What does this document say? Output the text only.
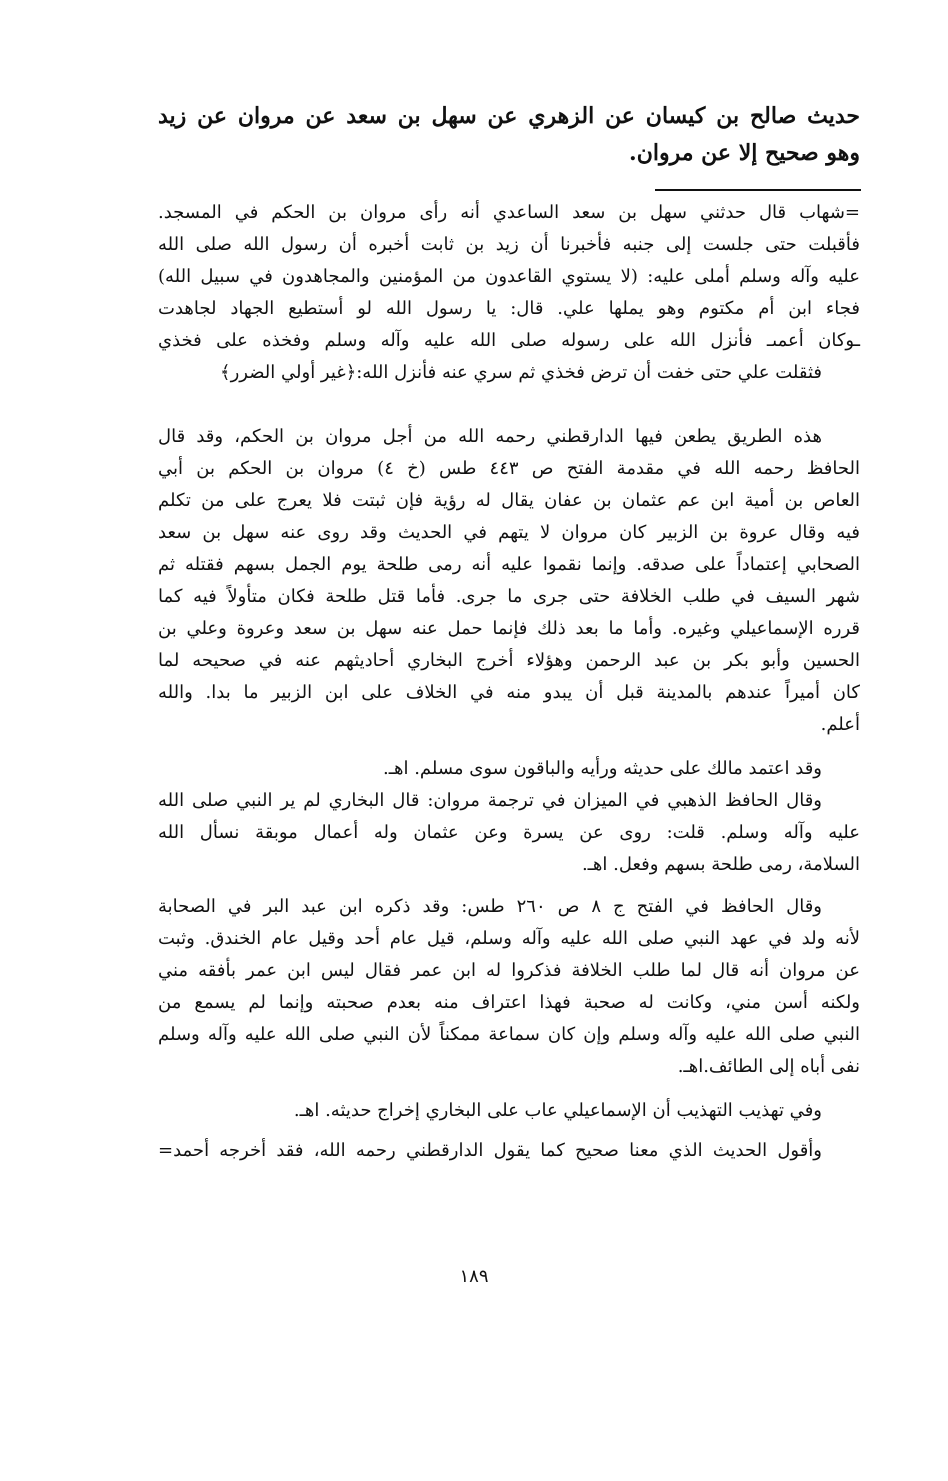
حديث صالح بن كيسان عن الزهري عن سهل بن سعد عن مروان عن زيد
وهو صحيح إلا عن مروان.
=شهاب قال حدثني سهل بن سعد الساعدي أنه رأى مروان بن الحكم في المسجد.
فأقبلت حتى جلست إلى جنبه فأخبرنا أن زيد بن ثابت أخبره أن رسول الله صلى الله
عليه وآله وسلم أملى عليه: (لا يستوي القاعدون من المؤمنين والمجاهدون في سبيل الله)
فجاء ابن أم مكتوم وهو يملها علي. قال: يا رسول الله لو أستطيع الجهاد لجاهدت
ـوكان أعمىـ فأنزل الله على رسوله صلى الله عليه وآله وسلم وفخذه على فخذي
فثقلت علي حتى خفت أن ترض فخذي ثم سري عنه فأنزل الله:﴿غير أولي الضرر﴾
هذه الطريق يطعن فيها الدارقطني رحمه الله من أجل مروان بن الحكم، وقد قال
الحافظ رحمه الله في مقدمة الفتح ص ٤٤٣ طس (خ ٤) مروان بن الحكم بن أبي
العاص بن أمية ابن عم عثمان بن عفان يقال له رؤية فإن ثبتت فلا يعرج على من تكلم
فيه وقال عروة بن الزبير كان مروان لا يتهم في الحديث وقد روى عنه سهل بن سعد
الصحابي إعتماداً على صدقه. وإنما نقموا عليه أنه رمى طلحة يوم الجمل بسهم فقتله ثم
شهر السيف في طلب الخلافة حتى جرى ما جرى. فأما قتل طلحة فكان متأولاً فيه كما
قرره الإسماعيلي وغيره. وأما ما بعد ذلك فإنما حمل عنه سهل بن سعد وعروة وعلي بن
الحسين وأبو بكر بن عبد الرحمن وهؤلاء أخرج البخاري أحاديثهم عنه في صحيحه لما
كان أميراً عندهم بالمدينة قبل أن يبدو منه في الخلاف على ابن الزبير ما بدا. والله
أعلم.
وقد اعتمد مالك على حديثه ورأيه والباقون سوى مسلم. اهـ.
وقال الحافظ الذهبي في الميزان في ترجمة مروان: قال البخاري لم ير النبي صلى الله
عليه وآله وسلم. قلت: روى عن يسرة وعن عثمان وله أعمال موبقة نسأل الله
السلامة، رمى طلحة بسهم وفعل. اهـ.
وقال الحافظ في الفتح ج ٨ ص ٢٦٠ طس: وقد ذكره ابن عبد البر في الصحابة
لأنه ولد في عهد النبي صلى الله عليه وآله وسلم، قيل عام أحد وقيل عام الخندق. وثبت
عن مروان أنه قال لما طلب الخلافة فذكروا له ابن عمر فقال ليس ابن عمر بأفقه مني
ولكنه أسن مني، وكانت له صحبة فهذا اعتراف منه بعدم صحبته وإنما لم يسمع من
النبي صلى الله عليه وآله وسلم وإن كان سماعة ممكناً لأن النبي صلى الله عليه وآله وسلم
نفى أباه إلى الطائف.اهـ.
وفي تهذيب التهذيب أن الإسماعيلي عاب على البخاري إخراج حديثه. اهـ.
وأقول الحديث الذي معنا صحيح كما يقول الدارقطني رحمه الله، فقد أخرجه أحمد=
١٨٩
